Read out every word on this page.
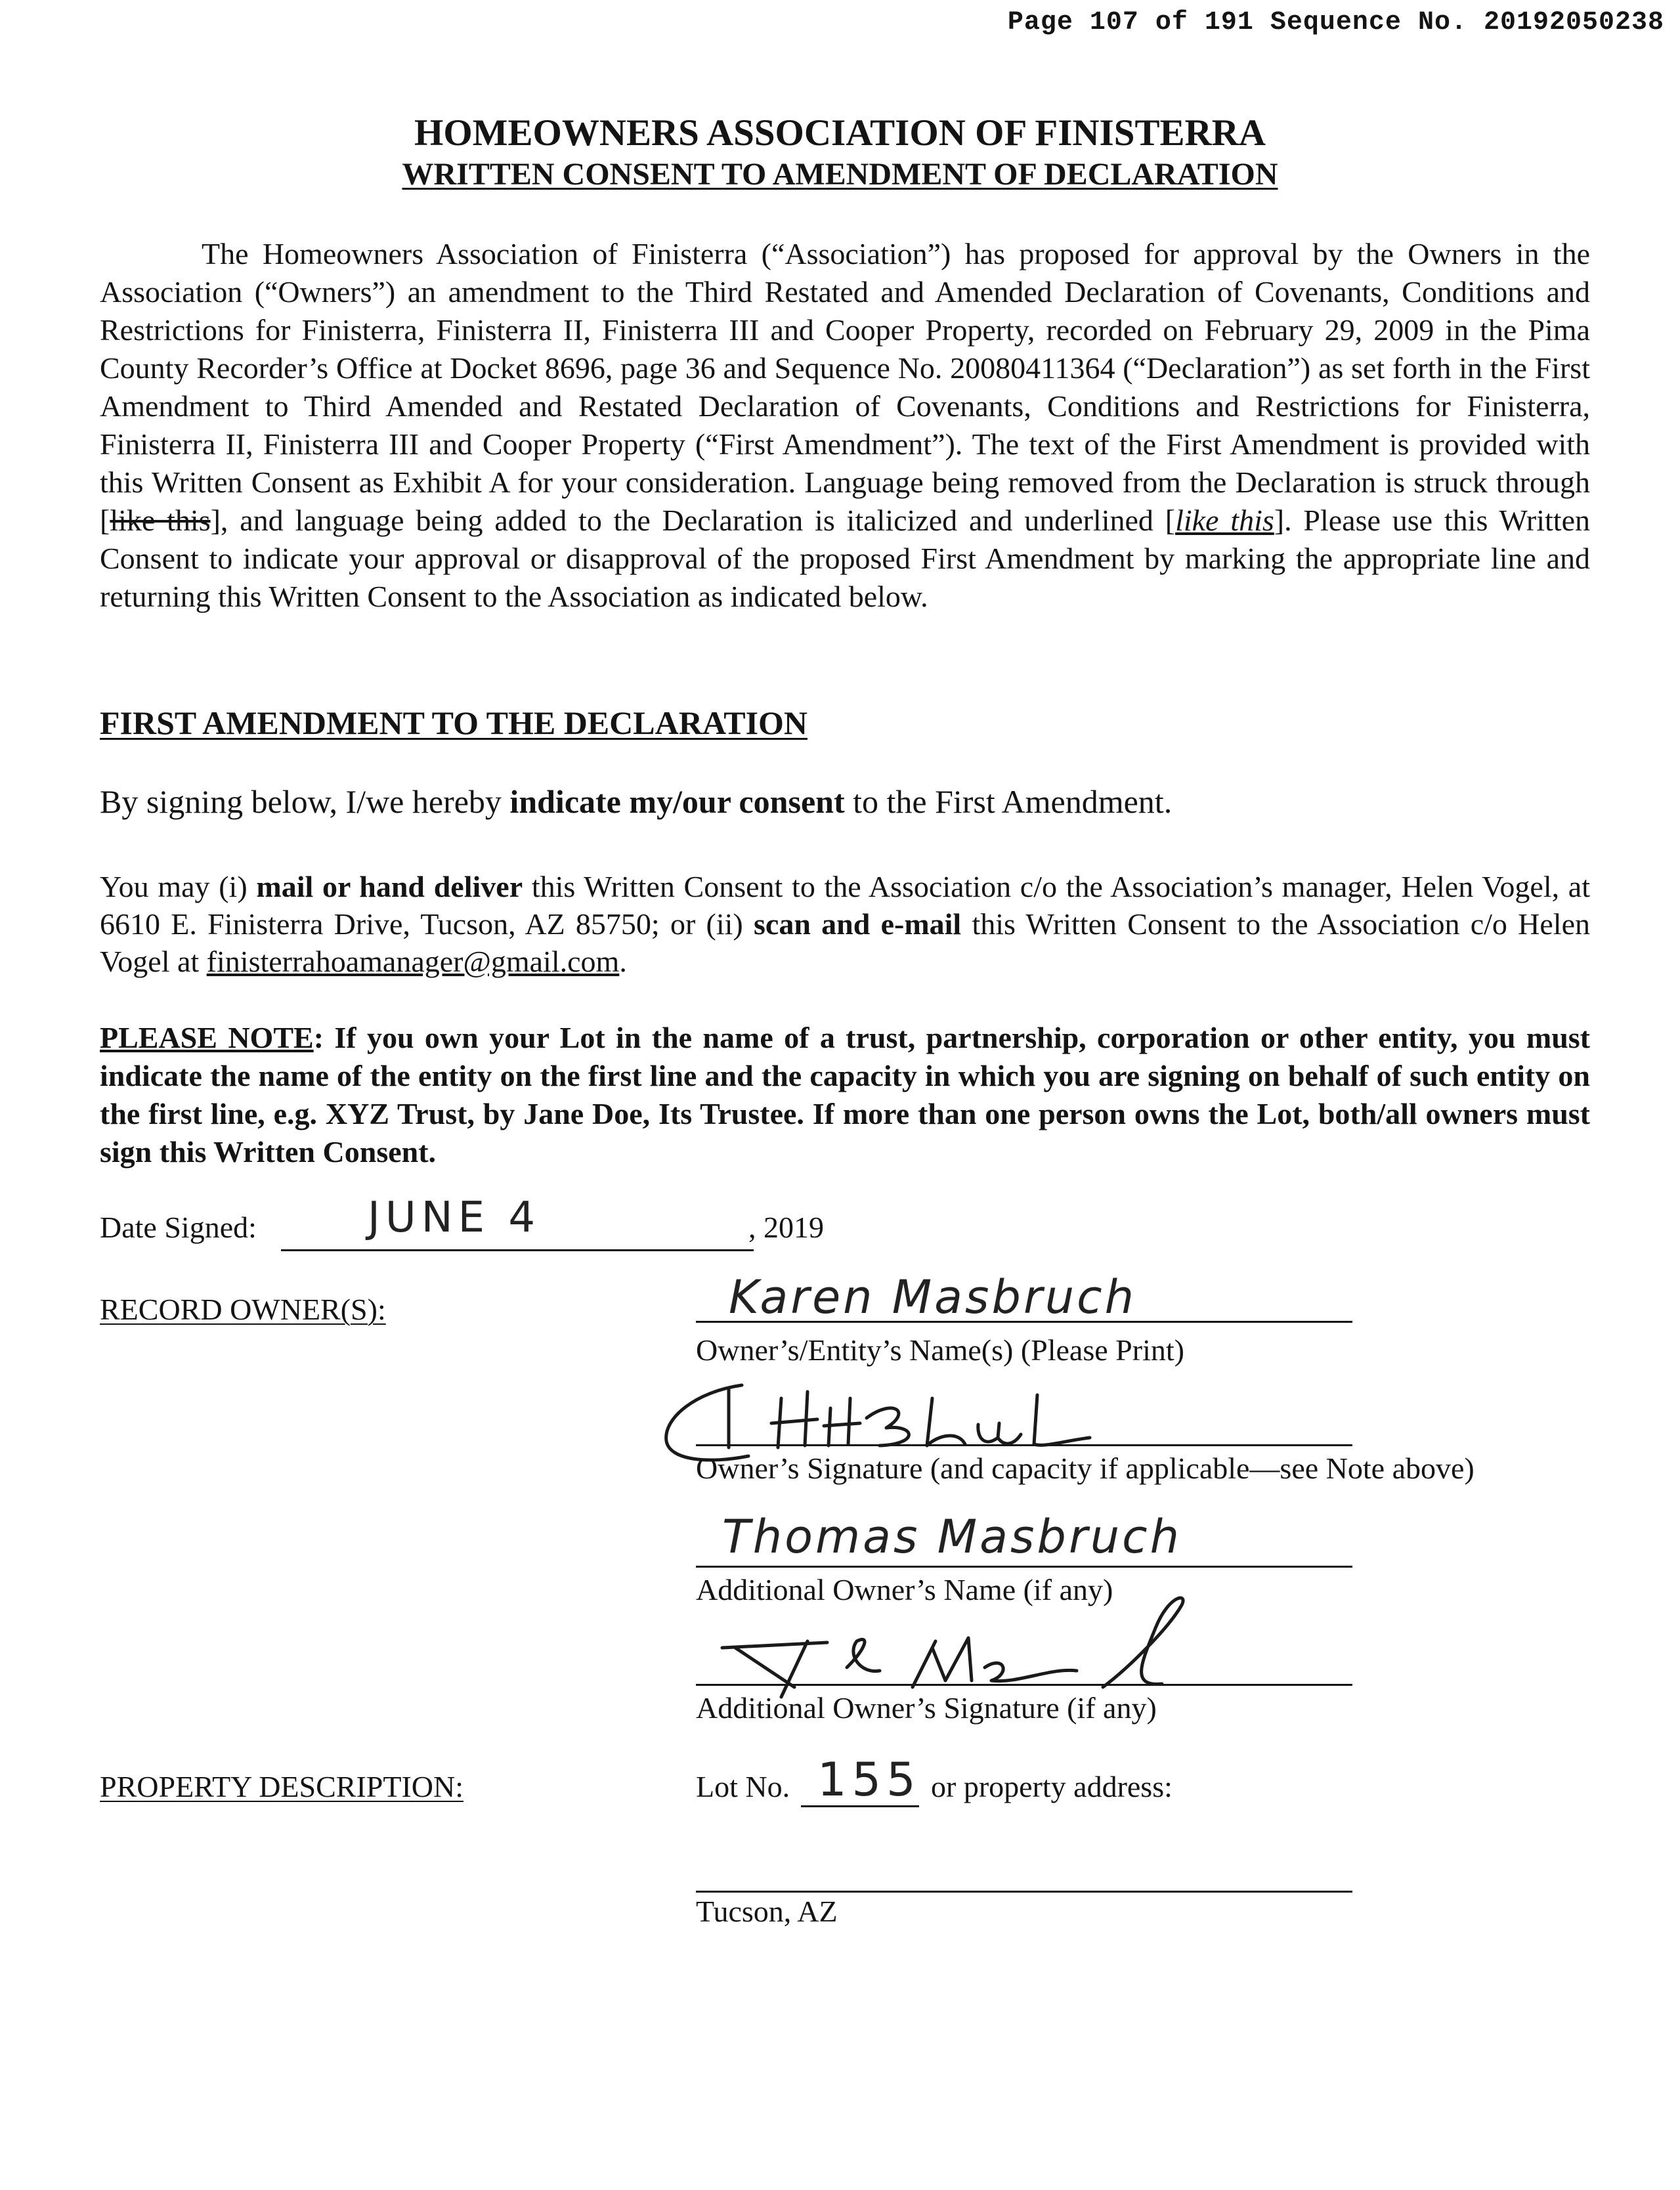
Page 107 of 191 Sequence No. 20192050238
HOMEOWNERS ASSOCIATION OF FINISTERRA
WRITTEN CONSENT TO AMENDMENT OF DECLARATION

The Homeowners Association of Finisterra (“Association”) has proposed for approval by the Owners in the Association (“Owners”) an amendment to the Third Restated and Amended Declaration of Covenants, Conditions and Restrictions for Finisterra, Finisterra II, Finisterra III and Cooper Property, recorded on February 29, 2009 in the Pima County Recorder’s Office at Docket 8696, page 36 and Sequence No. 20080411364 (“Declaration”) as set forth in the First Amendment to Third Amended and Restated Declaration of Covenants, Conditions and Restrictions for Finisterra, Finisterra II, Finisterra III and Cooper Property (“First Amendment”). The text of the First Amendment is provided with this Written Consent as Exhibit A for your consideration. Language being removed from the Declaration is struck through [like this], and language being added to the Declaration is italicized and underlined [like this]. Please use this Written Consent to indicate your approval or disapproval of the proposed First Amendment by marking the appropriate line and returning this Written Consent to the Association as indicated below.

FIRST AMENDMENT TO THE DECLARATION
By signing below, I/we hereby indicate my/our consent to the First Amendment.

You may (i) mail or hand deliver this Written Consent to the Association c/o the Association’s manager, Helen Vogel, at 6610 E. Finisterra Drive, Tucson, AZ 85750; or (ii) scan and e-mail this Written Consent to the Association c/o Helen Vogel at finisterrahoamanager@gmail.com.

PLEASE NOTE: If you own your Lot in the name of a trust, partnership, corporation or other entity, you must indicate the name of the entity on the first line and the capacity in which you are signing on behalf of such entity on the first line, e.g. XYZ Trust, by Jane Doe, Its Trustee. If more than one person owns the Lot, both/all owners must sign this Written Consent.

Date Signed:	JUNE 4	, 2019
RECORD OWNER(S):	Karen Masbruch
Owner’s/Entity’s Name(s) (Please Print)
Owner’s Signature (and capacity if applicable—see Note above)
Thomas Masbruch
Additional Owner’s Name (if any)
Additional Owner’s Signature (if any)
PROPERTY DESCRIPTION:	Lot No. 155 or property address:
Tucson, AZ
